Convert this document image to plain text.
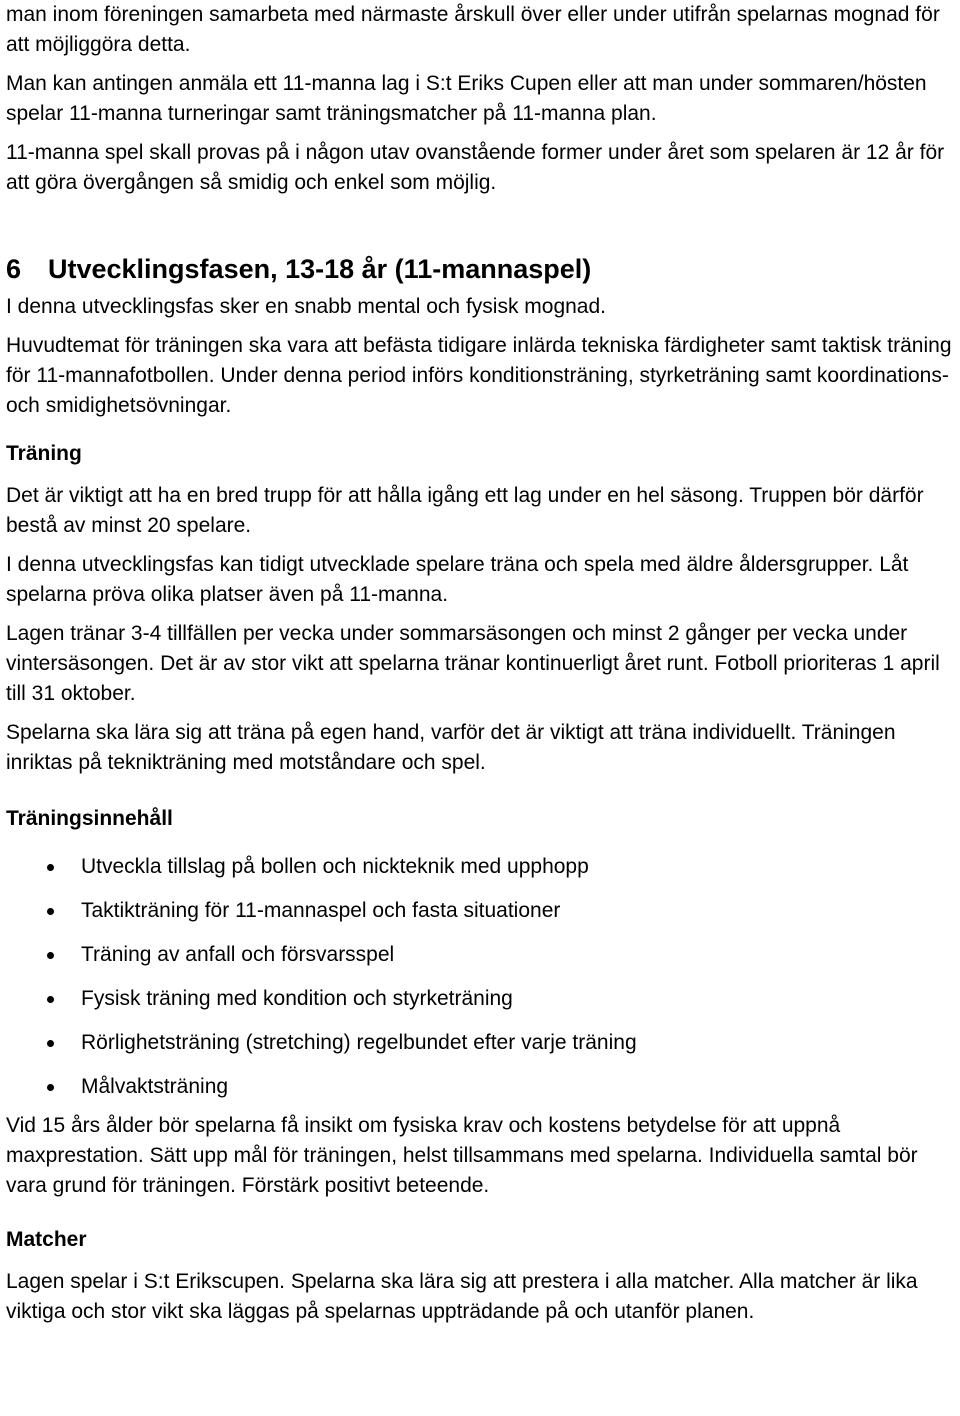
man inom föreningen samarbeta med närmaste årskull över eller under utifrån spelarnas mognad för att möjliggöra detta.

Man kan antingen anmäla ett 11-manna lag i S:t Eriks Cupen eller att man under sommaren/hösten spelar 11-manna turneringar samt träningsmatcher på 11-manna plan.

11-manna spel skall provas på i någon utav ovanstående former under året som spelaren är 12 år för att göra övergången så smidig och enkel som möjlig.

6 Utvecklingsfasen, 13-18 år (11-mannaspel)

I denna utvecklingsfas sker en snabb mental och fysisk mognad.

Huvudtemat för träningen ska vara att befästa tidigare inlärda tekniska färdigheter samt taktisk träning för 11-mannafotbollen. Under denna period införs konditionsträning, styrketräning samt koordinations- och smidighetsövningar.

Träning

Det är viktigt att ha en bred trupp för att hålla igång ett lag under en hel säsong. Truppen bör därför bestå av minst 20 spelare.

I denna utvecklingsfas kan tidigt utvecklade spelare träna och spela med äldre åldersgrupper. Låt spelarna pröva olika platser även på 11-manna.

Lagen tränar 3-4 tillfällen per vecka under sommarsäsongen och minst 2 gånger per vecka under vintersäsongen. Det är av stor vikt att spelarna tränar kontinuerligt året runt. Fotboll prioriteras 1 april till 31 oktober.

Spelarna ska lära sig att träna på egen hand, varför det är viktigt att träna individuellt. Träningen inriktas på teknikträning med motståndare och spel.

Träningsinnehåll
Utveckla tillslag på bollen och nickteknik med upphopp
Taktikträning för 11-mannaspel och fasta situationer
Träning av anfall och försvarsspel
Fysisk träning med kondition och styrketräning
Rörlighetsträning (stretching) regelbundet efter varje träning
Målvaktsträning

Vid 15 års ålder bör spelarna få insikt om fysiska krav och kostens betydelse för att uppnå maxprestation. Sätt upp mål för träningen, helst tillsammans med spelarna. Individuella samtal bör vara grund för träningen. Förstärk positivt beteende.

Matcher

Lagen spelar i S:t Erikscupen. Spelarna ska lära sig att prestera i alla matcher. Alla matcher är lika viktiga och stor vikt ska läggas på spelarnas uppträdande på och utanför planen.
